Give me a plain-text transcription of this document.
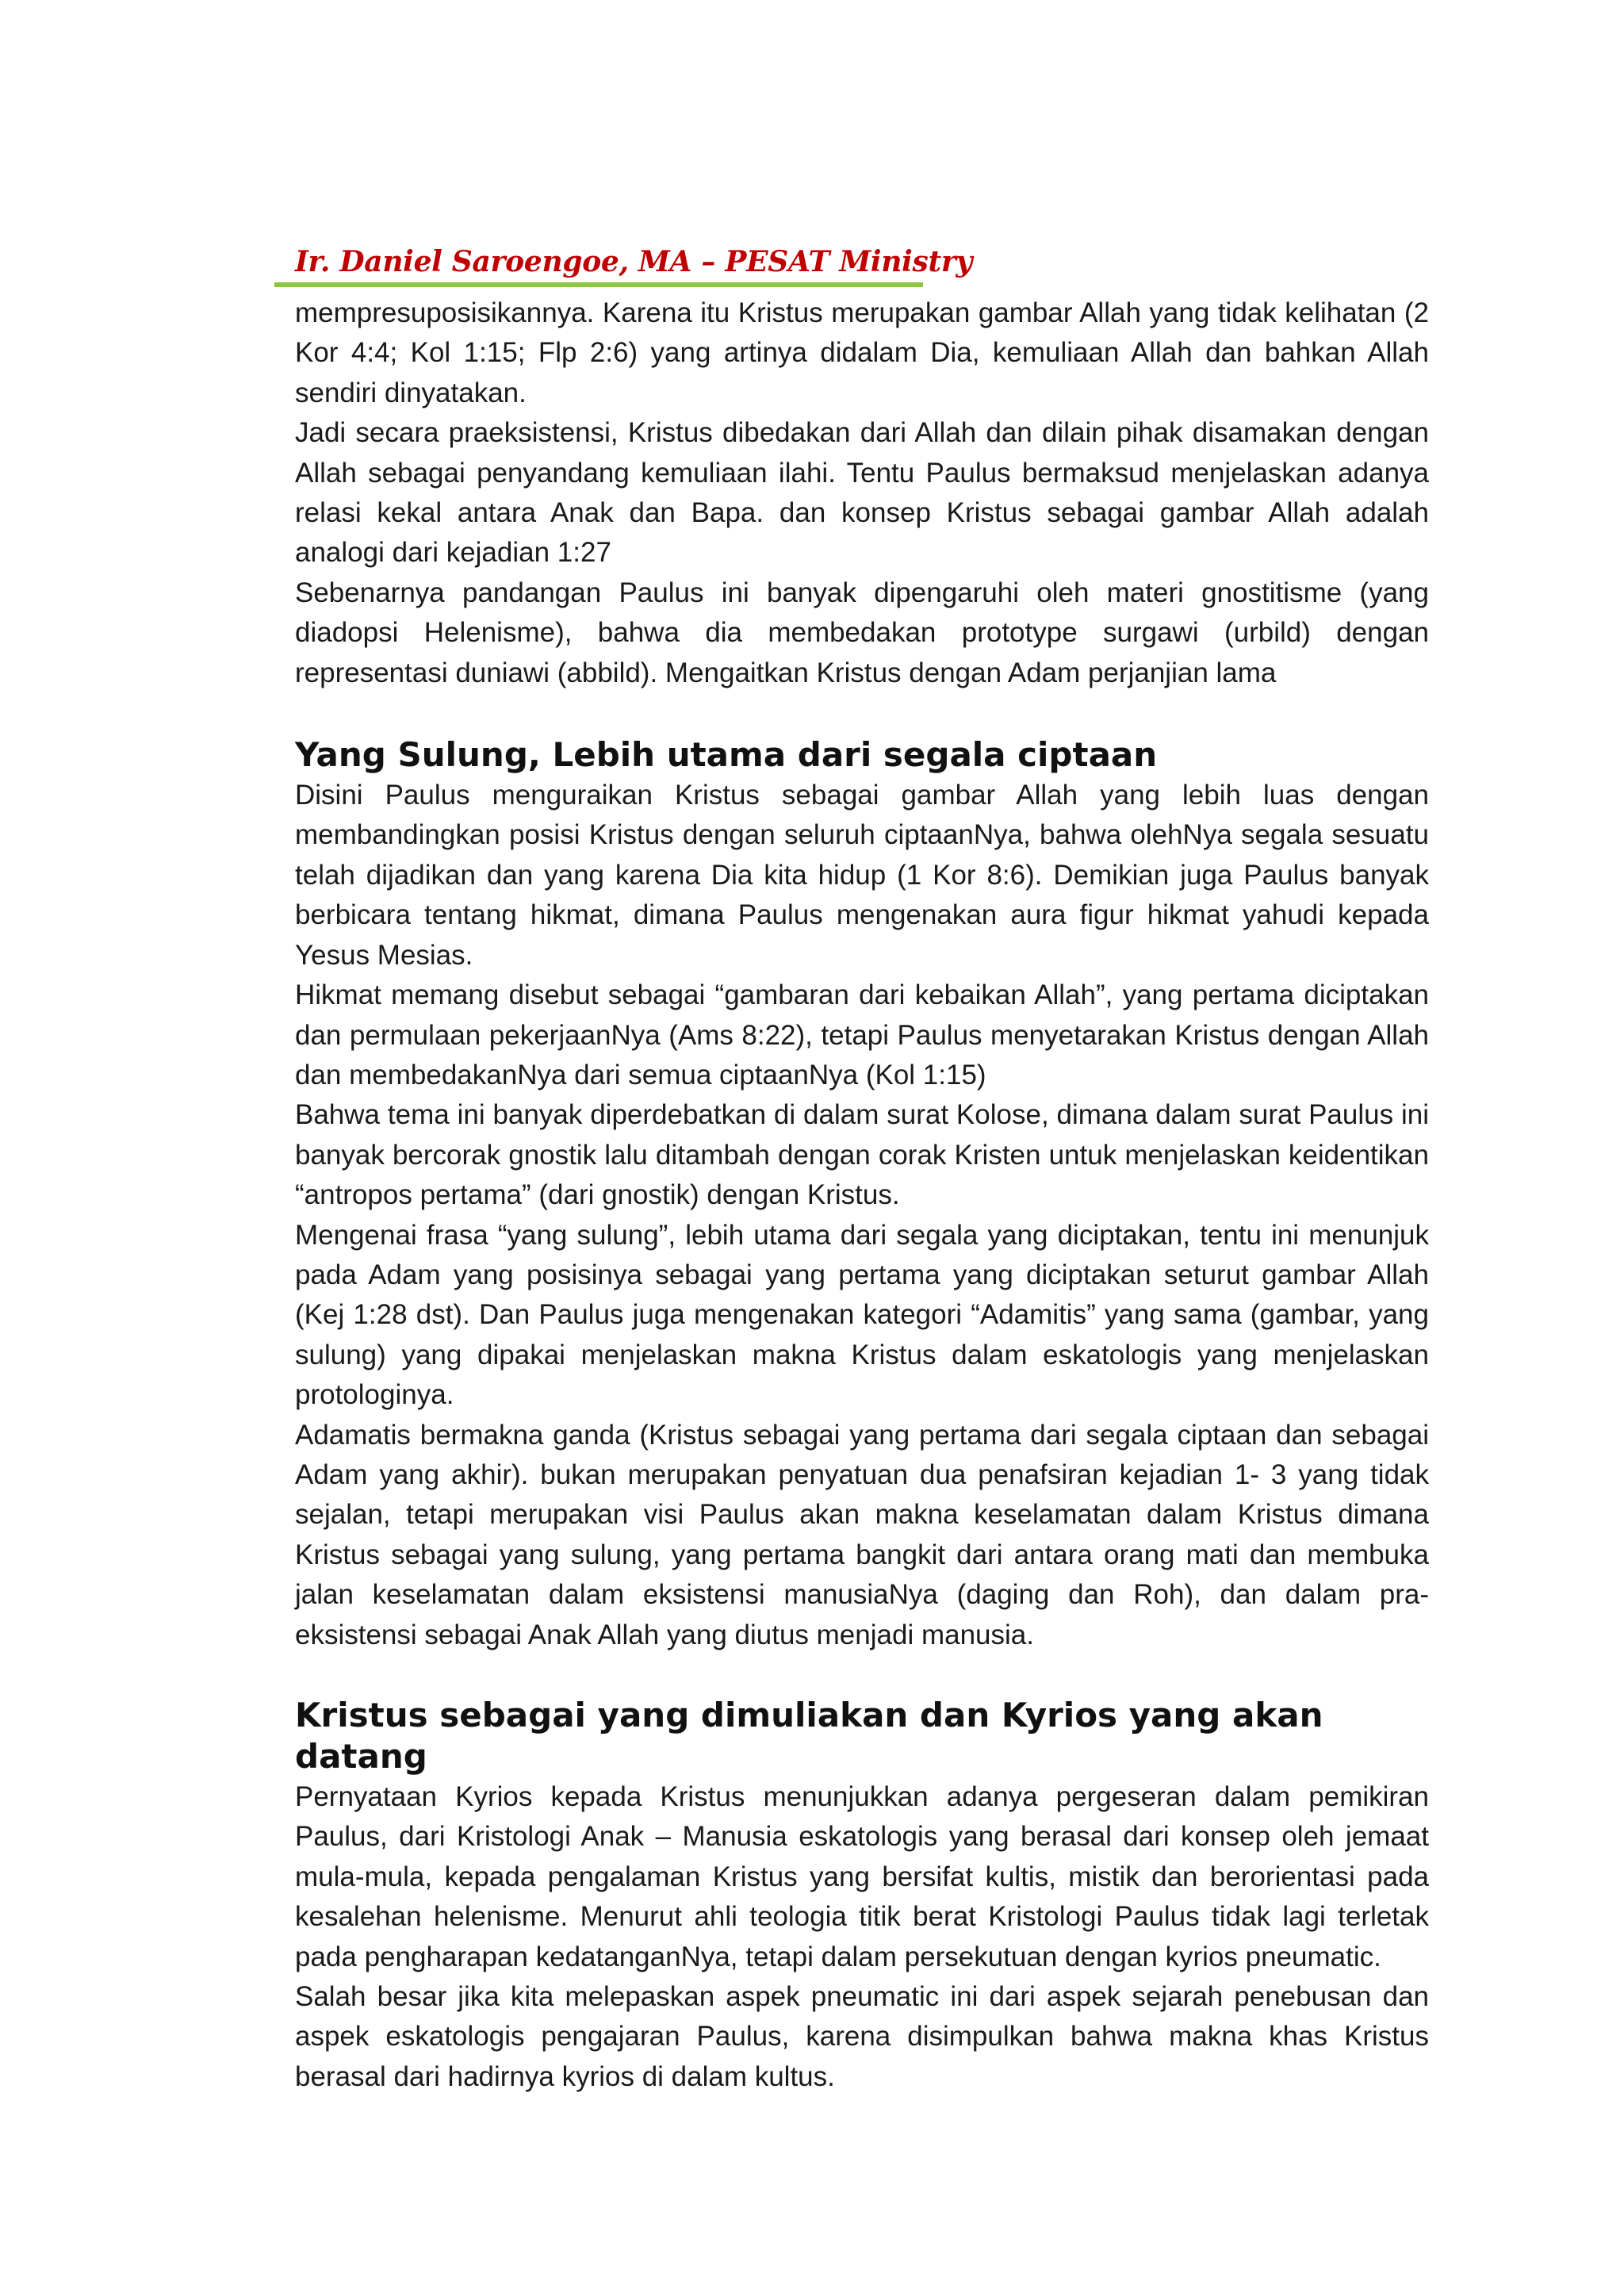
Ir. Daniel Saroengoe, MA – PESAT Ministry

mempresuposisikannya. Karena itu Kristus merupakan gambar Allah yang tidak kelihatan (2 Kor 4:4; Kol 1:15; Flp 2:6) yang artinya didalam Dia, kemuliaan Allah dan bahkan Allah sendiri dinyatakan.

Jadi secara praeksistensi, Kristus dibedakan dari Allah dan dilain pihak disamakan dengan Allah sebagai penyandang kemuliaan ilahi. Tentu Paulus bermaksud menjelaskan adanya relasi kekal antara Anak dan Bapa. dan konsep Kristus sebagai gambar Allah adalah analogi dari kejadian 1:27

Sebenarnya pandangan Paulus ini banyak dipengaruhi oleh materi gnostitisme (yang diadopsi Helenisme), bahwa dia membedakan prototype surgawi (urbild) dengan representasi duniawi (abbild). Mengaitkan Kristus dengan Adam perjanjian lama

Yang Sulung, Lebih utama dari segala ciptaan

Disini Paulus menguraikan Kristus sebagai gambar Allah yang lebih luas dengan membandingkan posisi Kristus dengan seluruh ciptaanNya, bahwa olehNya segala sesuatu telah dijadikan dan yang karena Dia kita hidup (1 Kor 8:6). Demikian juga Paulus banyak berbicara tentang hikmat, dimana Paulus mengenakan aura figur hikmat yahudi kepada Yesus Mesias.

Hikmat memang disebut sebagai “gambaran dari kebaikan Allah”, yang pertama diciptakan dan permulaan pekerjaanNya (Ams 8:22), tetapi Paulus menyetarakan Kristus dengan Allah dan membedakanNya dari semua ciptaanNya (Kol 1:15)

Bahwa tema ini banyak diperdebatkan di dalam surat Kolose, dimana dalam surat Paulus ini banyak bercorak gnostik lalu ditambah dengan corak Kristen untuk menjelaskan keidentikan “antropos pertama” (dari gnostik) dengan Kristus.

Mengenai frasa “yang sulung”, lebih utama dari segala yang diciptakan, tentu ini menunjuk pada Adam yang posisinya sebagai yang pertama yang diciptakan seturut gambar Allah (Kej 1:28 dst). Dan Paulus juga mengenakan kategori “Adamitis” yang sama (gambar, yang sulung) yang dipakai menjelaskan makna Kristus dalam eskatologis yang menjelaskan protologinya.

Adamatis bermakna ganda (Kristus sebagai yang pertama dari segala ciptaan dan sebagai Adam yang akhir). bukan merupakan penyatuan dua penafsiran kejadian 1- 3 yang tidak sejalan, tetapi merupakan visi Paulus akan makna keselamatan dalam Kristus dimana Kristus sebagai yang sulung, yang pertama bangkit dari antara orang mati dan membuka jalan keselamatan dalam eksistensi manusiaNya (daging dan Roh), dan dalam pra-eksistensi sebagai Anak Allah yang diutus menjadi manusia.

Kristus sebagai yang dimuliakan dan Kyrios yang akan datang

Pernyataan Kyrios kepada Kristus menunjukkan adanya pergeseran dalam pemikiran Paulus, dari Kristologi Anak – Manusia eskatologis yang berasal dari konsep oleh jemaat mula-mula, kepada pengalaman Kristus yang bersifat kultis, mistik dan berorientasi pada kesalehan helenisme. Menurut ahli teologia titik berat Kristologi Paulus tidak lagi terletak pada pengharapan kedatanganNya, tetapi dalam persekutuan dengan kyrios pneumatic.

Salah besar jika kita melepaskan aspek pneumatic ini dari aspek sejarah penebusan dan aspek eskatologis pengajaran Paulus, karena disimpulkan bahwa makna khas Kristus berasal dari hadirnya kyrios di dalam kultus.
